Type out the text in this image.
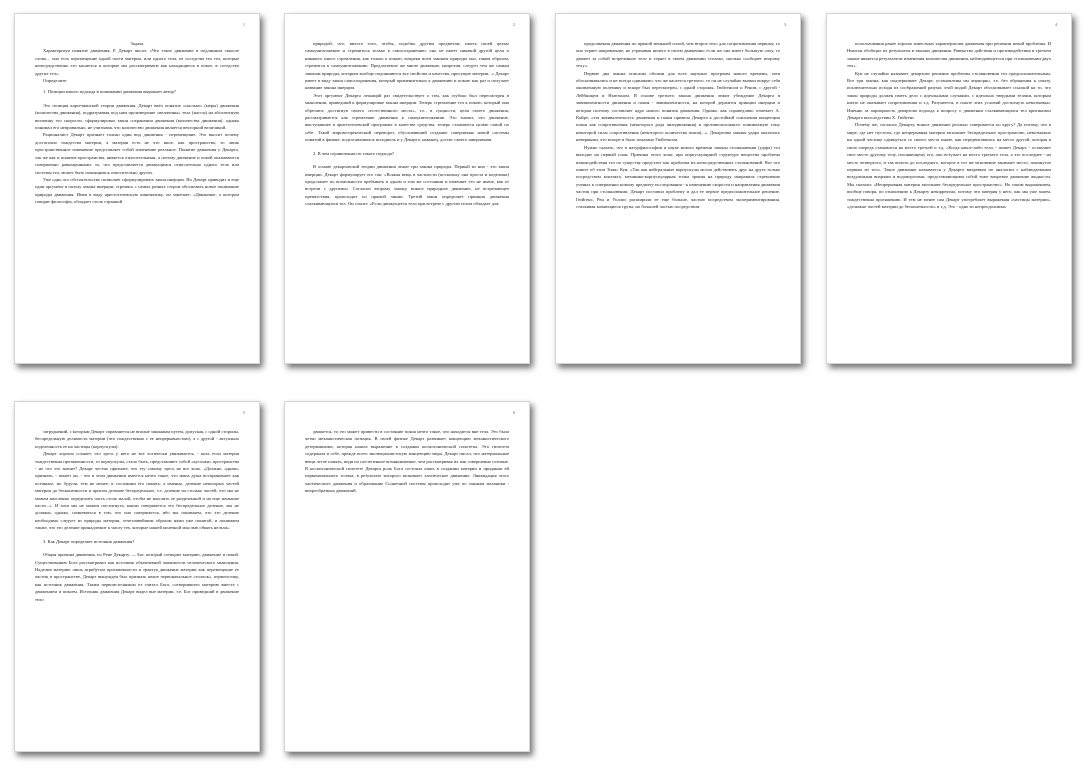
1

Задача

Характеризуя понятие движения, Р. Декарт писал: «Что такое движение в подлинном смысле слова… оно есть перемещение одной части материи, или одного тела, из соседства тех тел, которые непосредственно его касаются и которые мы рассматриваем как находящиеся в покое, в соседство других тел».

Определите:

1. Позиции какого подхода в понимании движения выражает автор?

Это позиция картезианской теории движения. Декарт ввёл понятие «сколько» (меры) движения (количества движения), подразумевая под ним произведение «величины» тела (массы) на абсолютную величину его скорости, сформулировал закон сохранения движения (количества движения), однако понимал его неправильно, не учитывая, что количество движения является векторной величиной.

Рационалист Декарт признает только один вид движения - перемещение. Это вносит почему достаточно тождества материи, а материя есть не что иное, как пространство, то лишь пространственное изменение представляет собой изменение реальное. Понятие движения у Декарта, так же как и понятие пространства, является относительным, а потому движение и покой оказываются совершенно равноценными: то, что представляется движущимся относительно одного тела или системы тел, может быть покоящимся относительно других.

Уже одно это обстоятельство позволяет сформулировать закон инерции. Но Декарт приводит и еще один аргумент в пользу закона инерции, стремясь с самых разных сторон обосновать новое понимание природы движения. Имея в виду аристотелевскую кинематику, он замечает: «Движение, о котором говорят философы, обладает столь странной

2

природой, что, вместо того, чтобы, подобно другим предметам, иметь своей целью самоуничтожение и стремиться только к самосохранению, оно не имеет никакой другой цели и никакого иного стремления, как только к покою; вопреки всем законам природы оно, таким образом, стремится к самоуничтожению. Предлагаемое же мною движение, напротив, следует тем же самым законам природы, которым вообще подчиняются все свойства и качества, присущие материи...» Декарт имеет в виду закон самосохранения, который применительно к движению и покою как раз и получает название закона инерции.

Этот аргумент Декарта лежащий раз свидетельствует о том, как глубоко был пересмотрен в мышлении, приведший к формулировке закона инерции. Теперь стремление тел к покою, который они обретают, достигнув своего «естественного места», т.е., в сущности, цели своего движения, рассматривается как стремление движения к самоуничтожению. Это значит, что движение, выступавшее в аристотелевской программе в качестве средства, теперь становится целью самой по себе. Такой мировоззренческий переворот, обусловивший создание совершенно новой системы понятий в физике, подготавливался исподволь и у Декарта, наконец, достиг своего завершения.

2. В чем ограниченность такого подхода?

В основе декартовской теории движения лежат три закона природы. Первый из них - это закон инерции. Декарт формулирует его так: «Всякая вещь в частности (поскольку она проста и неделима) продолжает по возможности пребывать в одном и том же состоянии и изменяет его не иначе, как от встречи с другими». Согласно второму закону, всякое природное движение, не встречающее препятствия, происходит по прямой линии. Третий закон определяет принцип движения сталкивающихся тел. Он гласит: «Если движущееся тело при встрече с другим телом обладает для

3

продолжения движения по прямой меньшей силой, чем второе тело для сопротивления первому, то оно теряет направление, не утрачивая ничего в своем движении; если же оно имеет большую силу, то движет за собой встреченное тело и теряет в своем движении столько, сколько сообщает второму телу».

Первые два закона описаны обоими для всех научных программ нового времени, хотя обосновывались и не всегда одинаково; что же касается третьего, то он не случайно вызвал вокруг себя оживленную полемику и вскоре был пересмотрен, с одной стороны, Гюйгенсом и Реном, с другой - Лейбницем и Ньютоном. В основе третьего закона движения лежит убеждение Декарта в эквивалентности движения и покоя - эквивалентности, на которой держится принцип инерции и которая поэтому составляет ядро нового понятия движения. Однако, как справедливо отмечает А. Койре, «эта эквивалентность движения и покоя привела Декарта к достойной сожаления концепции покоя как сопротивления (некоторого рода антидвижения) и противоположного понимаемую тому некоторой силы сопротивления (некоторого количества покоя)...». Декартовы законы удара оказались неверными, что вскоре и было показано Гюйгенсом.

Нужно сказать, что в натурфилософии и науке нового времени законы столкновения (удара) тел выходят на первый план. Причина этого ясна: при корпускулярной структуре вещества проблема взаимодействия тел по существу предстает как проблема их непосредственных столкновений. Вот что пишет об этом Томас Кун: «Так как нейтральные корпускулы могли действовать друг на друга только посредством контакта, механико-корпускулярная точка зрения на природу направила стремление ученых к совершенно новому предмету исследования - к изменению скорости и направления движения частиц при столкновении. Декарт поставил проблему и дал ее первое предположительное решение. Гюйгенс, Рен и Уоллис расширили ее еще больше, частью посредством экспериментирования, сталкивая качающиеся грузы, но большей частью посредством

4

использования ранее хорошо известных характеристик движения при решении новой проблемы. И Ньютон обобщил их результаты в законах движения. Равенство действия и противодействия в третьем законе является результатом изменения количества движения, наблюдающегося при столкновении двух тел».

Кун не случайно называет декартово решение проблемы столкновения тел предположительным. Все три закона, как подчеркивает Декарт, установлены им априорно, т.е. без обращения к опыту, исключительно исходя из соображений разума; этой модой Декарт обосновывает ссылкой на то, что закон природы должен иметь дело с идеальными случаями, с идеально твердыми телами, которым ничто не оказывает сопротивления и т.д. Разумеется, в опыте этих условий достигнуть невозможно. Именно за априорность декартова подхода к вопросу о движении сталкивающихся тел критиковал Декарта впоследствии Х. Гюйгенс.

Почему же, согласно Декарту, всякое движение реально совершается по кругу? Да потому, что в мире, где нет пустоты, где непрерывная материя заполняет беспредельное пространство, невозможно ни одной частице сдвинуться со своего места иначе, как передвигавшись на место другой, которая в свою очередь становится на место третьей и т.д. «Когда какое-либо тело, - пишет Декарт, - оставляет свое место другому телу, изгоняющему его, оно вступает на место третьего тела, а это последнее - на место четвертого, и так вплоть до последнего, которое в тот же мгновение занимает место, покинутое первым из тел». Такое движение называется у Декарта вихревым по аналогии с наблюдаемыми воздушными вихрями и водоворотами, представляющими собой тоже вихревое движение жидкости. Мы сказали: «Непрерывная материя заполняет беспредельное пространство». Но таким выражением, вообще говоря, по отношению к Декарту некорректно, потому что материя у него, как мы уже знаем, тождественна протяжению. И тем не менее сам Декарт употребляет выражения «частицы материи», «делимые частей материи до бесконечности» и т.д. Это - одно из непреодолимых

5

затруднений, с которым Декарт справляется не вполне законным путем, допуская, с одной стороны, беспредельную делимость материи (что тождественно с ее непрерывностью), а с другой - актуально поделенность ее на частицы (корпускулы).

Декарт хорошо сознает, что здесь у него не все логически увязывается, - коль если материя тождественна протяженности, то корпускулы, стало быть, представляют собой «кусочки» пространства - но что это значит? Декарт честно признает, что эту самому здесь не все ясно. «Должно, однако, признать, - пишет он, - что в этом движении имеется нечто такое, что наша душа воспринимает как истинное, но будучи, тем не менее, в состоянии его понять, а именно, деление некоторых частей материи до бесконечности и притом деление беспредельное, т.е. деление на столько частей, что мы не можем мысленно определить часть столь малой, чтобы не мыслить ее разделенной и на еще меньшие части...». И хотя мы не можем постигнуть, каким совершается это беспредельное деление, мы не должны, однако, сомневаться в том, что оно совершается, ибо мы понимаем, что это деление необходимо следует из природы материи, отчетливейшим образом нами уже понятой, и понимаем также, что это деление принадлежит к числу тех, которые нашей конечной мыслью обнять нельзя».

3. Как Декарт определяет источник движения?

Общая причина движения, по Рене Декарту, — Бог, который сотворил материю, движение и покой. Существованию Бога рассматривал как источник объективной значимости человеческого мышления. Наделив материю лишь атрибутом протяженности и трактуя движение материи как перемещение ее частиц в пространстве, Декарт вынужден был признать некое первоначальное «толчок», первотолчку, как источник движения. Таким первоисточником от считал Бога, сотворившего материю вместе с движением и покоем. Источник движения Декарт видел вне материи, т.е. Бог приведший в движение тело

6

движется, то это может привести в состояние покоя нечто такое, что находится вне тела. Это была четко механистическая позиция. В своей физике Декарт развивает концепцию механистического детерминизма, которая нашла выражение в создании космогонической гипотезы. Эта гипотеза содержала в себе, прежде всего эволюционистскую концепцию мира. Декарт писал, что материальные вещи легче понять, видя их постепенное возникновение, чем рассматривая их как совершенно готовые. В космогонической гипотезе Декарта роль Бога состояла лишь в создании материи и придании ей первоначального толчка, в результате которого возникает хаотическое движение. Ликвидация этого хаотического движения и образование Солнечной системы происходят уже по законам механики - вихреобразных движений.
